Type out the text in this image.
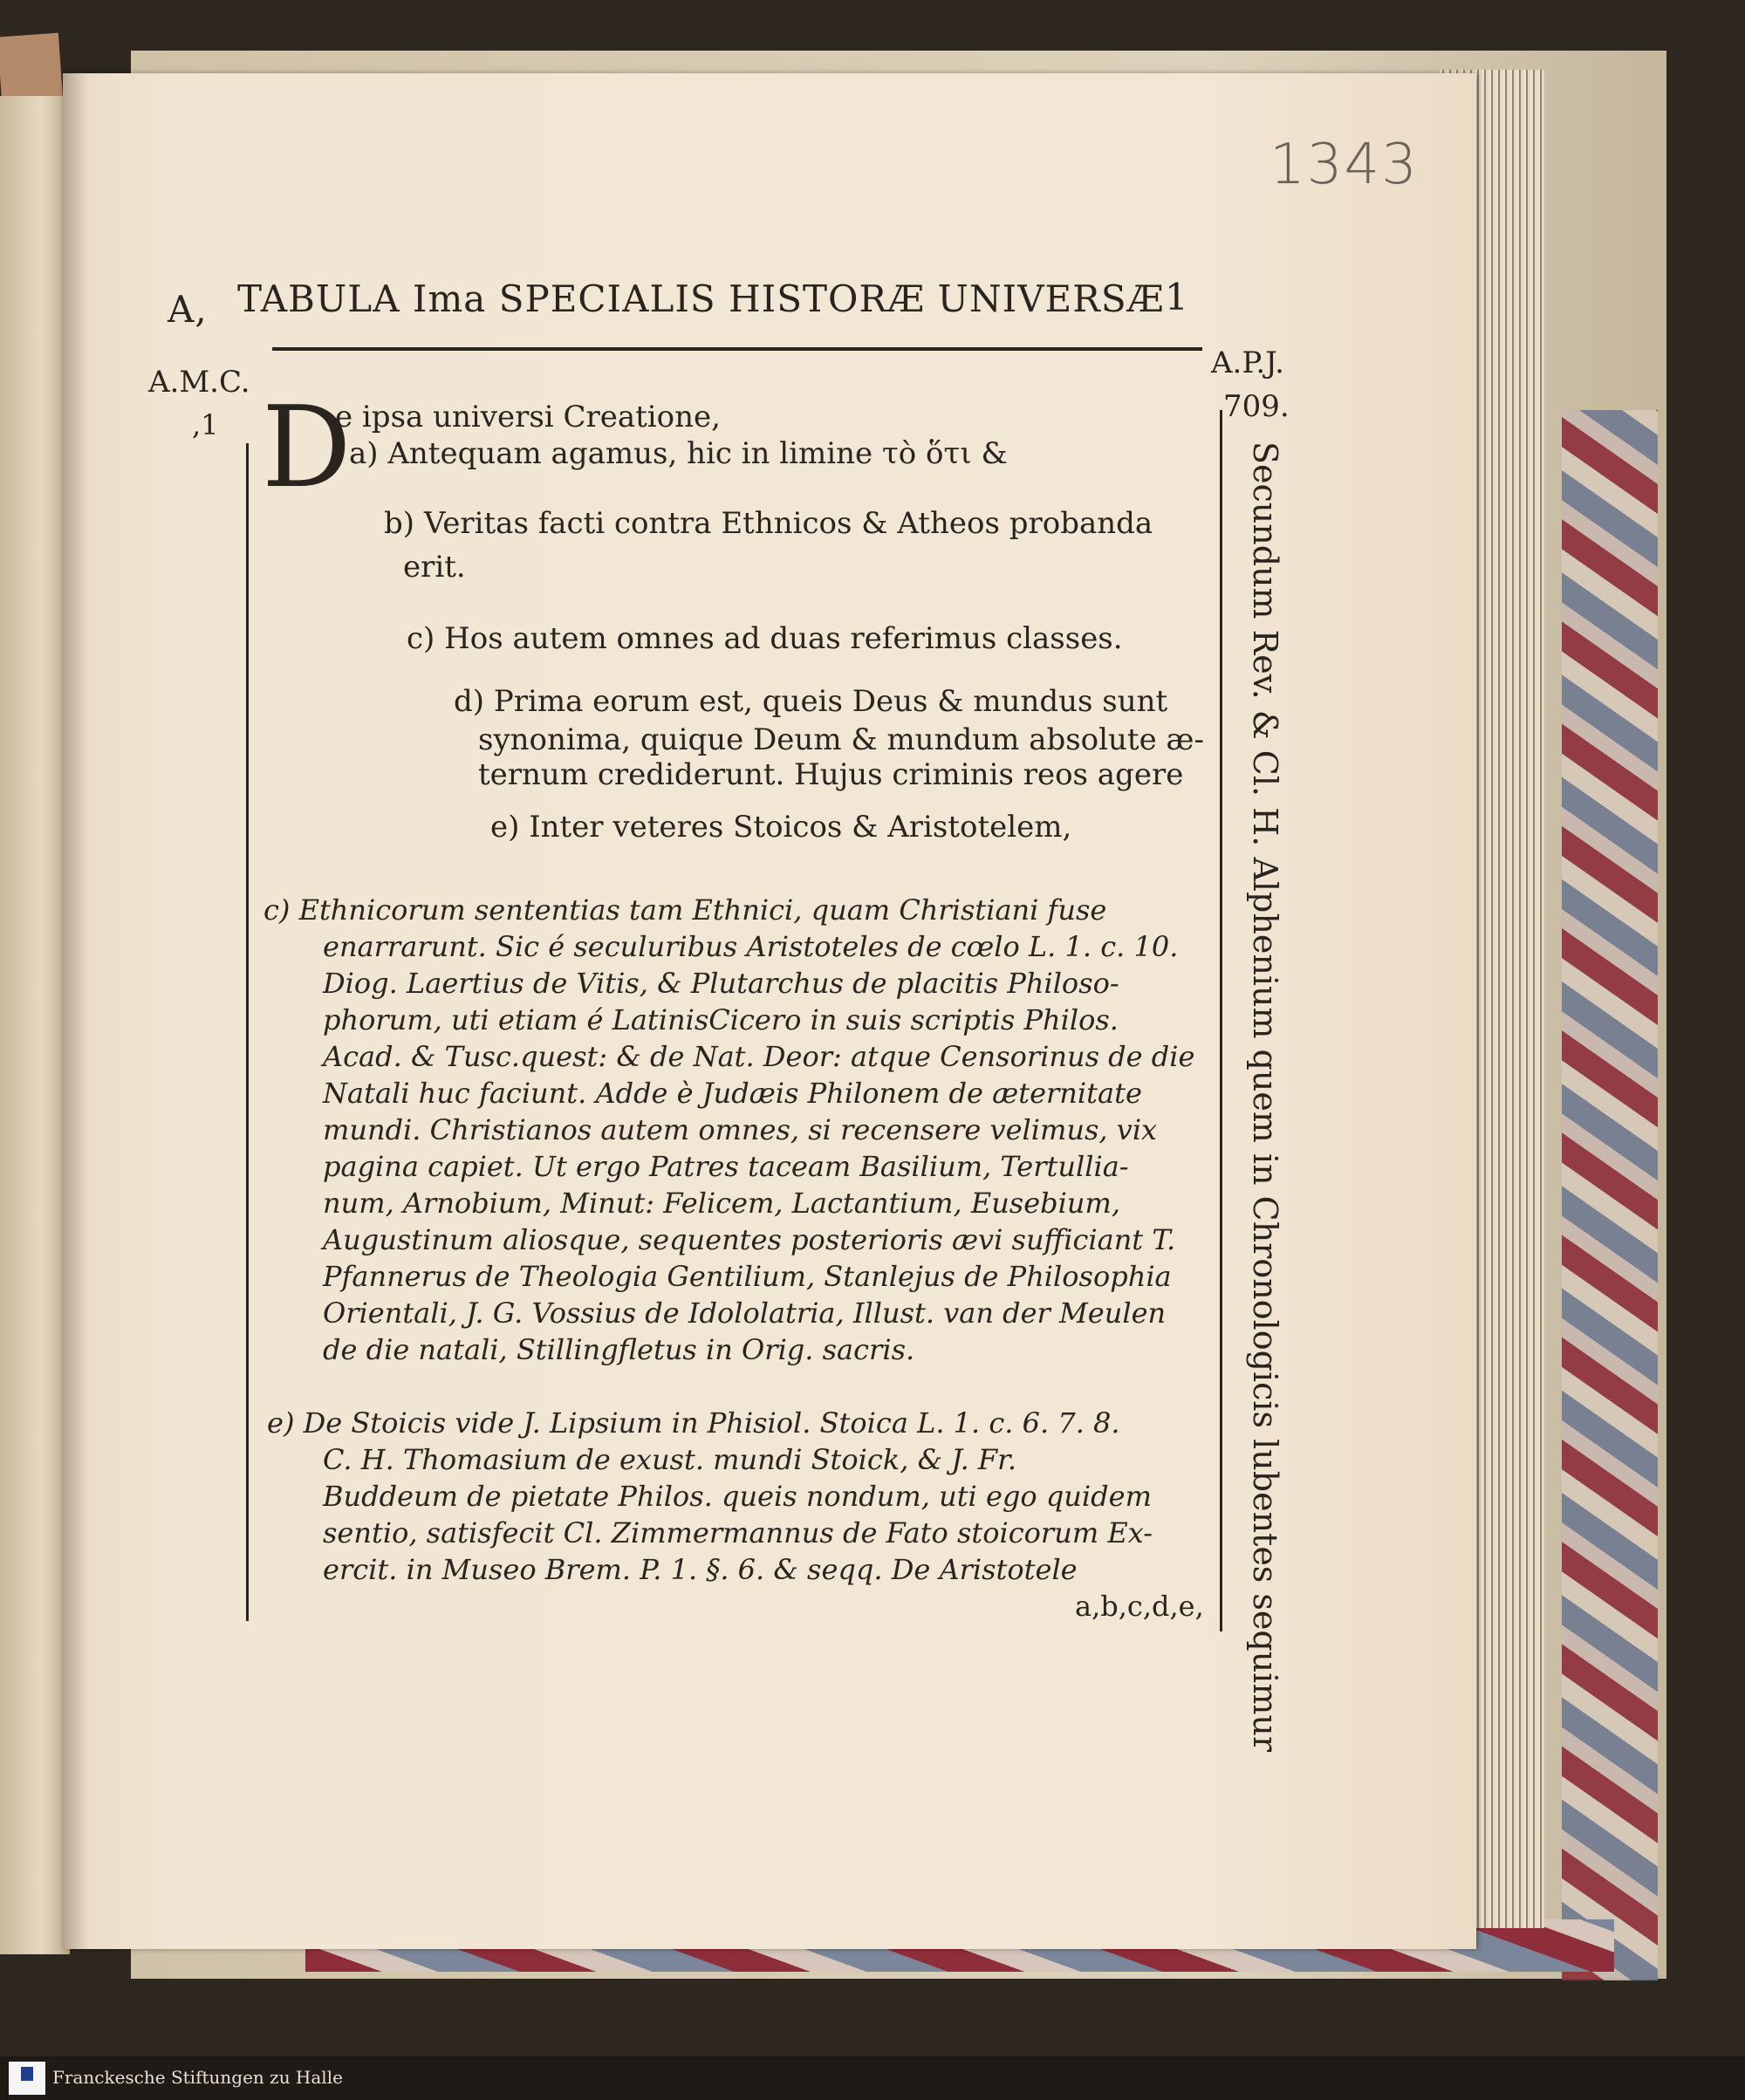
1343
A, TABULA Ima SPECIALIS HISTORÆ UNIVERSÆ 1
A.M.C.
,1
A.P.J.
709.
D
e ipsa universi Creatione,
a) Antequam agamus, hic in limine τὸ ὅτι &
b) Veritas facti contra Ethnicos & Atheos probanda
erit.
c) Hos autem omnes ad duas referimus classes.
d) Prima eorum est, queis Deus & mundus sunt
synonima, quique Deum & mundum absolute æ-
ternum crediderunt. Hujus criminis reos agere
e) Inter veteres Stoicos & Aristotelem,
c) Ethnicorum sententias tam Ethnici, quam Christiani fuse
enarrarunt. Sic é seculuribus Aristoteles de cœlo L. 1. c. 10.
Diog. Laertius de Vitis, & Plutarchus de placitis Philoso-
phorum, uti etiam é LatinisCicero in suis scriptis Philos.
Acad. & Tusc.quest: & de Nat. Deor: atque Censorinus de die
Natali huc faciunt. Adde è Judæis Philonem de æternitate
mundi. Christianos autem omnes, si recensere velimus, vix
pagina capiet. Ut ergo Patres taceam Basilium, Tertullia-
num, Arnobium, Minut: Felicem, Lactantium, Eusebium,
Augustinum aliosque, sequentes posterioris ævi sufficiant T.
Pfannerus de Theologia Gentilium, Stanlejus de Philosophia
Orientali, J. G. Vossius de Idololatria, Illust. van der Meulen
de die natali, Stillingfletus in Orig. sacris.
e) De Stoicis vide J. Lipsium in Phisiol. Stoica L. 1. c. 6. 7. 8.
C. H. Thomasium de exust. mundi Stoick, & J. Fr.
Buddeum de pietate Philos. queis nondum, uti ego quidem
sentio, satisfecit Cl. Zimmermannus de Fato stoicorum Ex-
ercit. in Museo Brem. P. 1. §. 6. & seqq. De Aristotele
a,b,c,d,e, Secundum Rev. & Cl. H. Alphenium quem in Chronologicis lubentes sequimur
Franckesche Stiftungen zu Halle
